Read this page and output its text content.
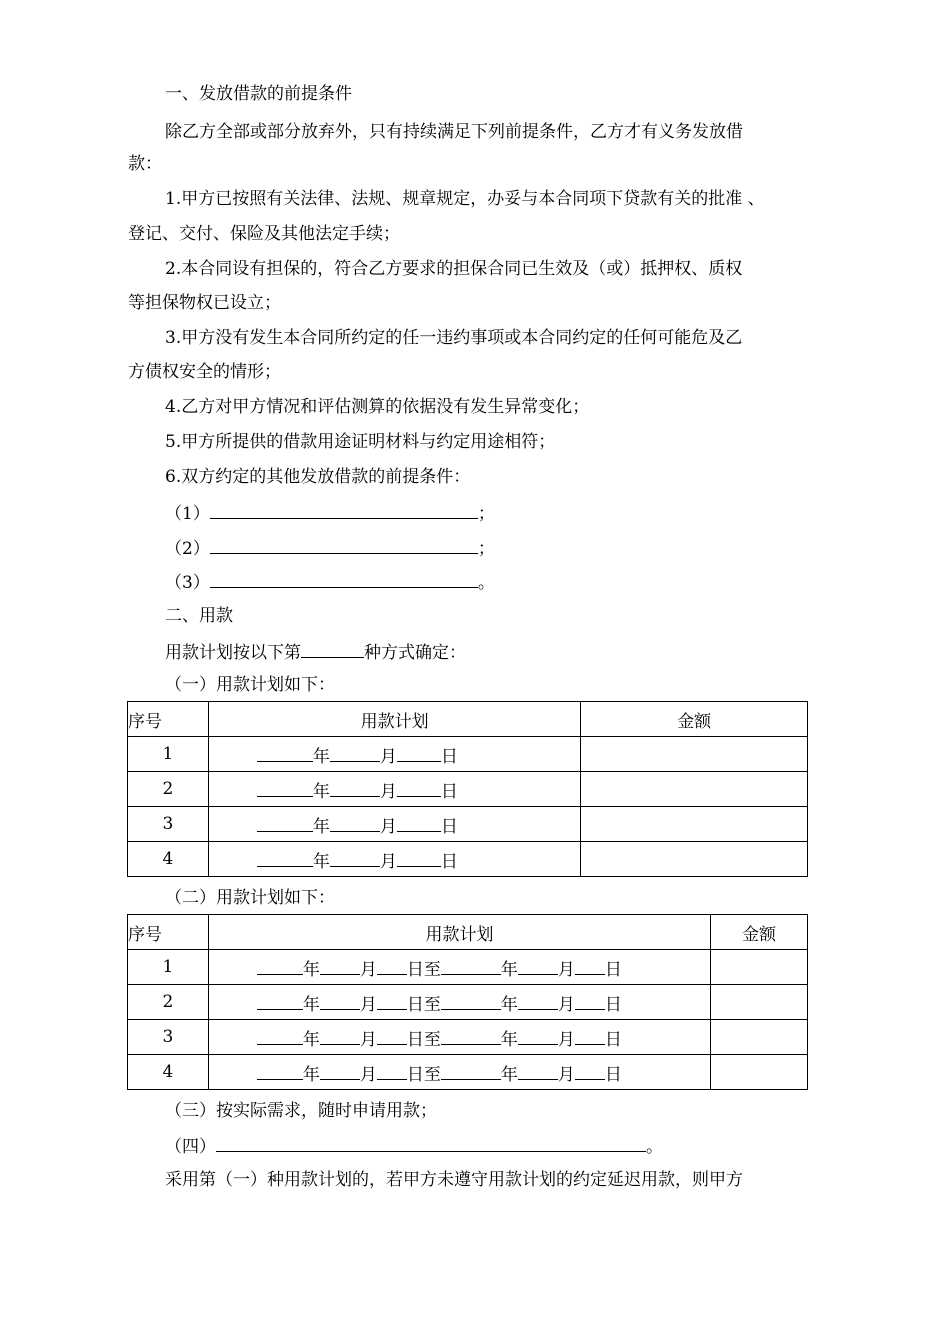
一、发放借款的前提条件
除乙方全部或部分放弃外，只有持续满足下列前提条件，乙方才有义务发放借
款：
1.甲方已按照有关法律、法规、规章规定，办妥与本合同项下贷款有关的批准 、
登记、交付、保险及其他法定手续；
2.本合同设有担保的，符合乙方要求的担保合同已生效及（或）抵押权、质权
等担保物权已设立；
3.甲方没有发生本合同所约定的任一违约事项或本合同约定的任何可能危及乙
方债权安全的情形；
4.乙方对甲方情况和评估测算的依据没有发生异常变化；
5.甲方所提供的借款用途证明材料与约定用途相符；
6.双方约定的其他发放借款的前提条件：
（1）	；
（2）	；
（3）	。
二、用款
用款计划按以下第	种方式确定：
（一）用款计划如下：
序号	用款计划	金额
1	年 月 日	
2	年 月 日	
3	年 月 日	
4	年 月 日	
（二）用款计划如下：
序号	用款计划	金额
1	年 月 日至 年 月 日	
2	年 月 日至 年 月 日	
3	年 月 日至 年 月 日	
4	年 月 日至 年 月 日	
（三）按实际需求，随时申请用款；
（四）	。
采用第（一）种用款计划的，若甲方未遵守用款计划的约定延迟用款，则甲方
